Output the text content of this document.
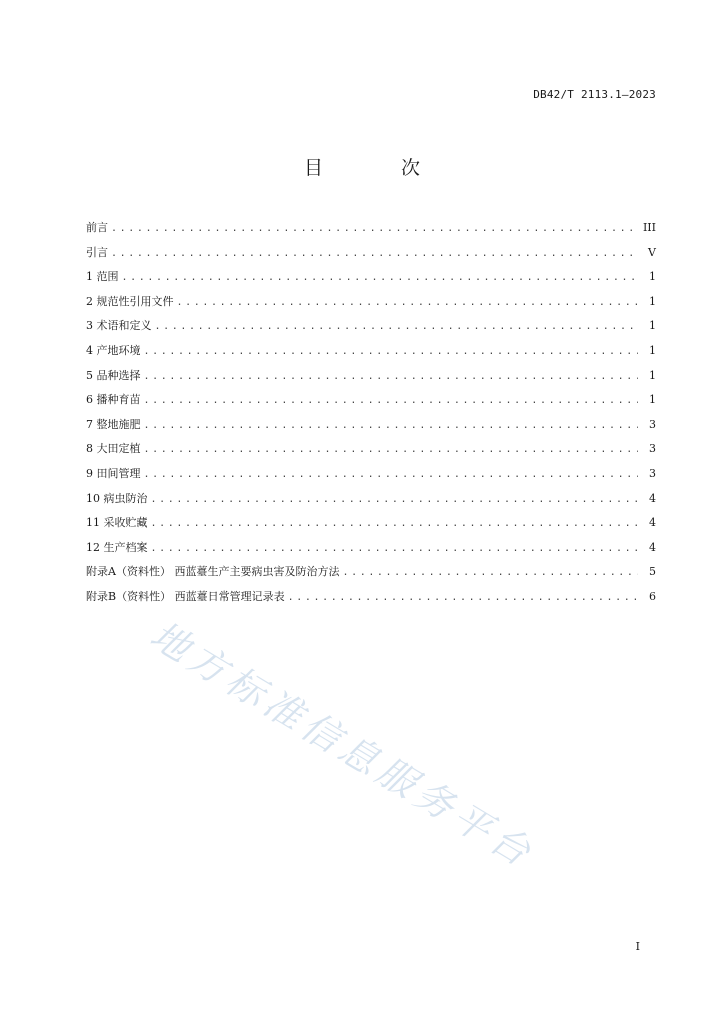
DB42/T 2113.1—2023
目 次
前言 .....	III
引言 .....	V
1 范围 .....	1
2 规范性引用文件 .....	1
3 术语和定义 .....	1
4 产地环境 .....	1
5 品种选择 .....	1
6 播种育苗 .....	1
7 整地施肥 .....	3
8 大田定植 .....	3
9 田间管理 .....	3
10 病虫防治 .....	4
11 采收贮藏 .....	4
12 生产档案 .....	4
附录A（资料性） 西蓝薹生产主要病虫害及防治方法 .....	5
附录B（资料性） 西蓝薹日常管理记录表 .....	6
地方标准信息服务平台
I
